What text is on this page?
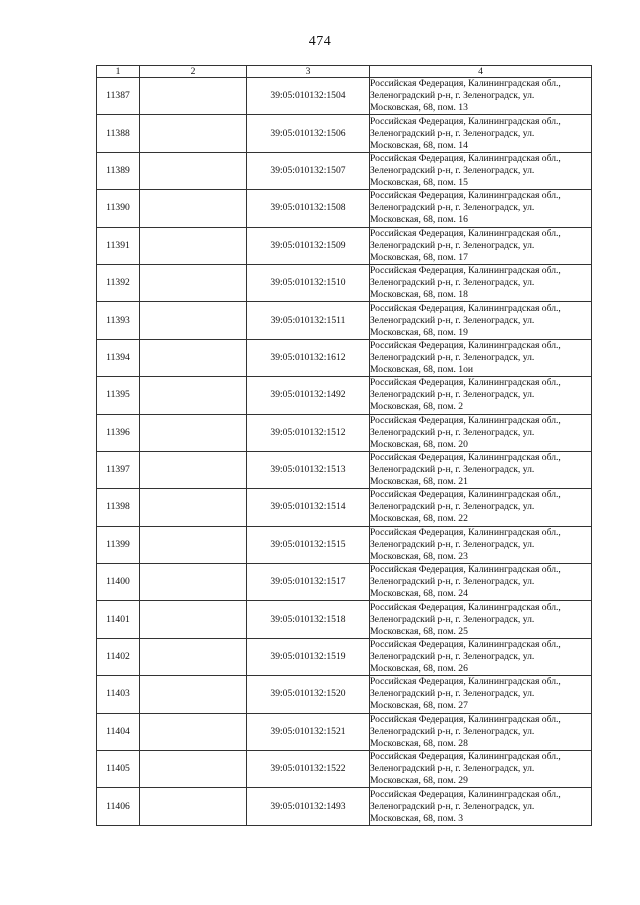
474
1	2	3	4
11387		39:05:010132:1504	Российская Федерация, Калининградская обл.,
Зеленоградский р-н, г. Зеленоградск, ул.
Московская, 68, пом. 13

11388		39:05:010132:1506	Российская Федерация, Калининградская обл.,
Зеленоградский р-н, г. Зеленоградск, ул.
Московская, 68, пом. 14

11389		39:05:010132:1507	Российская Федерация, Калининградская обл.,
Зеленоградский р-н, г. Зеленоградск, ул.
Московская, 68, пом. 15

11390		39:05:010132:1508	Российская Федерация, Калининградская обл.,
Зеленоградский р-н, г. Зеленоградск, ул.
Московская, 68, пом. 16

11391		39:05:010132:1509	Российская Федерация, Калининградская обл.,
Зеленоградский р-н, г. Зеленоградск, ул.
Московская, 68, пом. 17

11392		39:05:010132:1510	Российская Федерация, Калининградская обл.,
Зеленоградский р-н, г. Зеленоградск, ул.
Московская, 68, пом. 18

11393		39:05:010132:1511	Российская Федерация, Калининградская обл.,
Зеленоградский р-н, г. Зеленоградск, ул.
Московская, 68, пом. 19

11394		39:05:010132:1612	Российская Федерация, Калининградская обл.,
Зеленоградский р-н, г. Зеленоградск, ул.
Московская, 68, пом. 1ои

11395		39:05:010132:1492	Российская Федерация, Калининградская обл.,
Зеленоградский р-н, г. Зеленоградск, ул.
Московская, 68, пом. 2

11396		39:05:010132:1512	Российская Федерация, Калининградская обл.,
Зеленоградский р-н, г. Зеленоградск, ул.
Московская, 68, пом. 20

11397		39:05:010132:1513	Российская Федерация, Калининградская обл.,
Зеленоградский р-н, г. Зеленоградск, ул.
Московская, 68, пом. 21

11398		39:05:010132:1514	Российская Федерация, Калининградская обл.,
Зеленоградский р-н, г. Зеленоградск, ул.
Московская, 68, пом. 22

11399		39:05:010132:1515	Российская Федерация, Калининградская обл.,
Зеленоградский р-н, г. Зеленоградск, ул.
Московская, 68, пом. 23

11400		39:05:010132:1517	Российская Федерация, Калининградская обл.,
Зеленоградский р-н, г. Зеленоградск, ул.
Московская, 68, пом. 24

11401		39:05:010132:1518	Российская Федерация, Калининградская обл.,
Зеленоградский р-н, г. Зеленоградск, ул.
Московская, 68, пом. 25

11402		39:05:010132:1519	Российская Федерация, Калининградская обл.,
Зеленоградский р-н, г. Зеленоградск, ул.
Московская, 68, пом. 26

11403		39:05:010132:1520	Российская Федерация, Калининградская обл.,
Зеленоградский р-н, г. Зеленоградск, ул.
Московская, 68, пом. 27

11404		39:05:010132:1521	Российская Федерация, Калининградская обл.,
Зеленоградский р-н, г. Зеленоградск, ул.
Московская, 68, пом. 28

11405		39:05:010132:1522	Российская Федерация, Калининградская обл.,
Зеленоградский р-н, г. Зеленоградск, ул.
Московская, 68, пом. 29

11406		39:05:010132:1493	Российская Федерация, Калининградская обл.,
Зеленоградский р-н, г. Зеленоградск, ул.
Московская, 68, пом. 3
